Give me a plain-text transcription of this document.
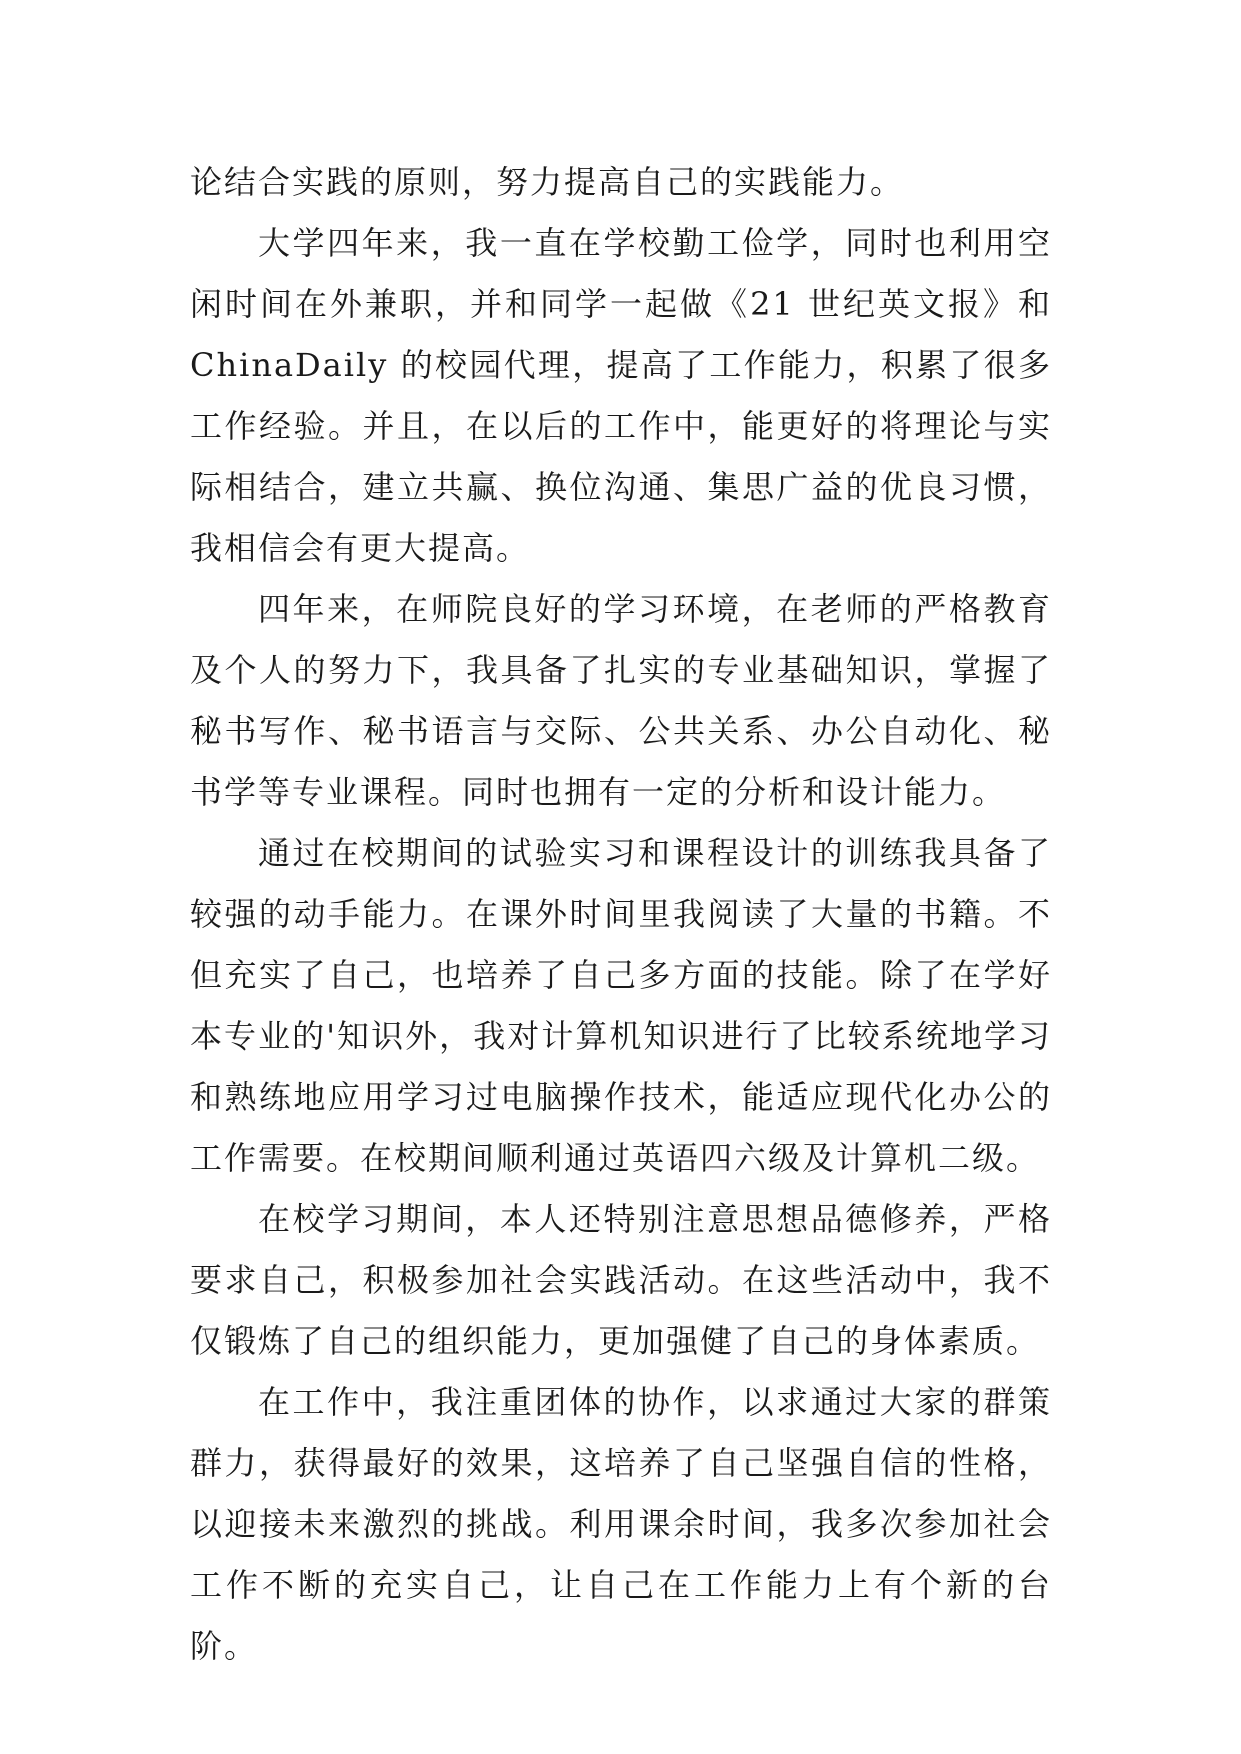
论结合实践的原则，努力提高自己的实践能力。

大学四年来，我一直在学校勤工俭学，同时也利用空闲时间在外兼职，并和同学一起做《21 世纪英文报》和 ChinaDaily 的校园代理，提高了工作能力，积累了很多工作经验。并且，在以后的工作中，能更好的将理论与实际相结合，建立共赢、换位沟通、集思广益的优良习惯，我相信会有更大提高。

四年来，在师院良好的学习环境，在老师的严格教育及个人的努力下，我具备了扎实的专业基础知识，掌握了秘书写作、秘书语言与交际、公共关系、办公自动化、秘书学等专业课程。同时也拥有一定的分析和设计能力。

通过在校期间的试验实习和课程设计的训练我具备了较强的动手能力。在课外时间里我阅读了大量的书籍。不但充实了自己，也培养了自己多方面的技能。除了在学好本专业的'知识外，我对计算机知识进行了比较系统地学习和熟练地应用学习过电脑操作技术，能适应现代化办公的工作需要。在校期间顺利通过英语四六级及计算机二级。

在校学习期间，本人还特别注意思想品德修养，严格要求自己，积极参加社会实践活动。在这些活动中，我不仅锻炼了自己的组织能力，更加强健了自己的身体素质。

在工作中，我注重团体的协作，以求通过大家的群策群力，获得最好的效果，这培养了自己坚强自信的性格，以迎接未来激烈的挑战。利用课余时间，我多次参加社会工作不断的充实自己，让自己在工作能力上有个新的台阶。
